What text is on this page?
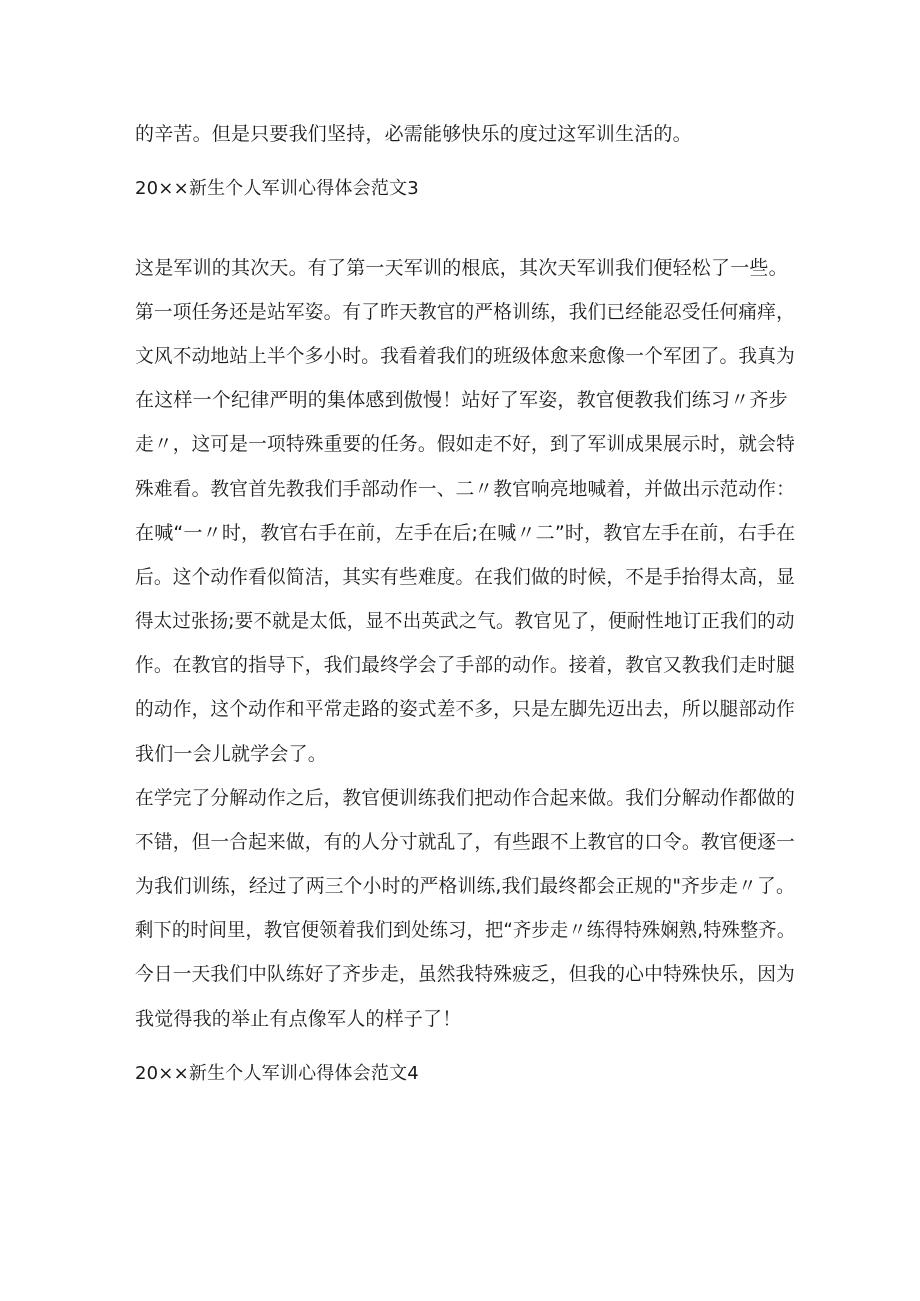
的辛苦。但是只要我们坚持，必需能够快乐的度过这军训生活的。
20××新生个人军训心得体会范文3
这是军训的其次天。有了第一天军训的根底，其次天军训我们便轻松了一些。
第一项任务还是站军姿。有了昨天教官的严格训练，我们已经能忍受任何痛痒，
文风不动地站上半个多小时。我看着我们的班级体愈来愈像一个军团了。我真为
在这样一个纪律严明的集体感到傲慢！站好了军姿，教官便教我们练习〃齐步
走〃，这可是一项特殊重要的任务。假如走不好，到了军训成果展示时，就会特
殊难看。教官首先教我们手部动作一、二〃教官响亮地喊着，并做出示范动作：
在喊“一〃时，教官右手在前，左手在后;在喊〃二”时，教官左手在前，右手在
后。这个动作看似简洁，其实有些难度。在我们做的时候，不是手抬得太高，显
得太过张扬;要不就是太低，显不出英武之气。教官见了，便耐性地订正我们的动
作。在教官的指导下，我们最终学会了手部的动作。接着，教官又教我们走时腿
的动作，这个动作和平常走路的姿式差不多，只是左脚先迈出去，所以腿部动作
我们一会儿就学会了。
在学完了分解动作之后，教官便训练我们把动作合起来做。我们分解动作都做的
不错，但一合起来做，有的人分寸就乱了，有些跟不上教官的口令。教官便逐一
为我们训练，经过了两三个小时的严格训练,我们最终都会正规的"齐步走〃了。
剩下的时间里，教官便领着我们到处练习，把“齐步走〃练得特殊娴熟,特殊整齐。
今日一天我们中队练好了齐步走，虽然我特殊疲乏，但我的心中特殊快乐，因为
我觉得我的举止有点像军人的样子了！
20××新生个人军训心得体会范文4
